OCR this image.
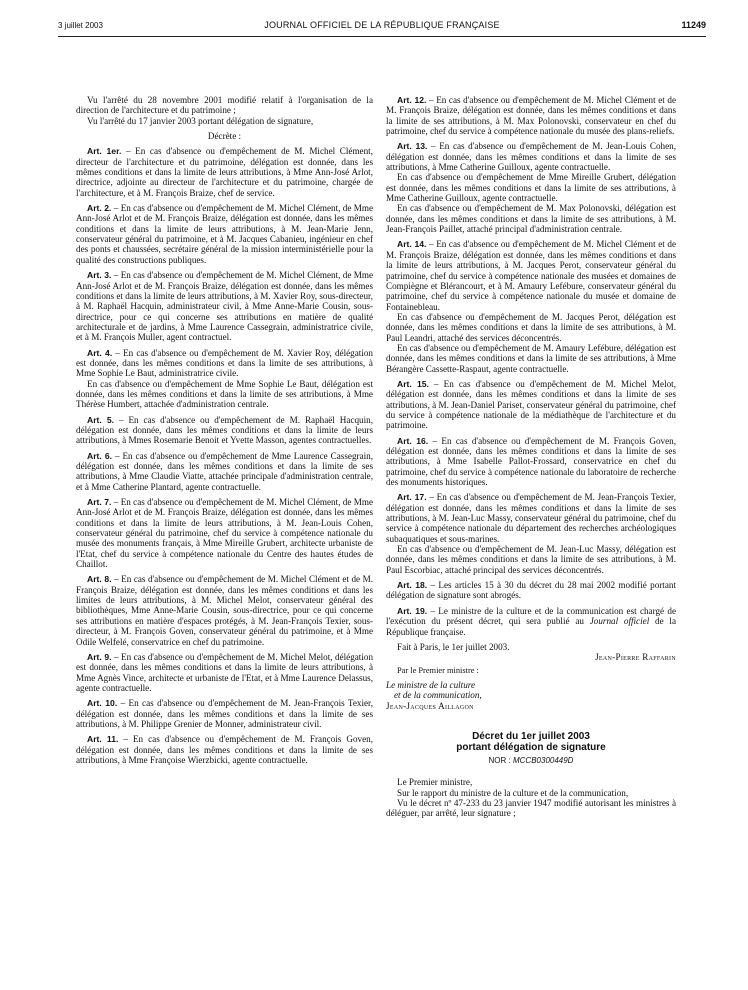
3 juillet 2003	JOURNAL OFFICIEL DE LA RÉPUBLIQUE FRANÇAISE	11249

Vu l'arrêté du 28 novembre 2001 modifié relatif à l'organisation de la direction de l'architecture et du patrimoine ;

Vu l'arrêté du 17 janvier 2003 portant délégation de signature,

Décrète :

Art. 1er. – En cas d'absence ou d'empêchement de M. Michel Clément, directeur de l'architecture et du patrimoine, délégation est donnée, dans les mêmes conditions et dans la limite de leurs attributions, à Mme Ann-José Arlot, directrice, adjointe au directeur de l'architecture et du patrimoine, chargée de l'architecture, et à M. François Braize, chef de service.

Art. 2. – En cas d'absence ou d'empêchement de M. Michel Clément, de Mme Ann-José Arlot et de M. François Braize, délégation est donnée, dans les mêmes conditions et dans la limite de leurs attributions, à M. Jean-Marie Jenn, conservateur général du patrimoine, et à M. Jacques Cabanieu, ingénieur en chef des ponts et chaussées, secrétaire général de la mission interministérielle pour la qualité des constructions publiques.

Art. 3. – En cas d'absence ou d'empêchement de M. Michel Clément, de Mme Ann-José Arlot et de M. François Braize, délégation est donnée, dans les mêmes conditions et dans la limite de leurs attributions, à M. Xavier Roy, sous-directeur, à M. Raphaël Hacquin, administrateur civil, à Mme Anne-Marie Cousin, sous-directrice, pour ce qui concerne ses attributions en matière de qualité architecturale et de jardins, à Mme Laurence Cassegrain, administratrice civile, et à M. François Muller, agent contractuel.

Art. 4. – En cas d'absence ou d'empêchement de M. Xavier Roy, délégation est donnée, dans les mêmes conditions et dans la limite de ses attributions, à Mme Sophie Le Baut, administratrice civile.

En cas d'absence ou d'empêchement de Mme Sophie Le Baut, délégation est donnée, dans les mêmes conditions et dans la limite de ses attributions, à Mme Thérèse Humbert, attachée d'administration centrale.

Art. 5. – En cas d'absence ou d'empêchement de M. Raphaël Hacquin, délégation est donnée, dans les mêmes conditions et dans la limite de leurs attributions, à Mmes Rosemarie Benoit et Yvette Masson, agentes contractuelles.

Art. 6. – En cas d'absence ou d'empêchement de Mme Laurence Cassegrain, délégation est donnée, dans les mêmes conditions et dans la limite de ses attributions, à Mme Claudie Viatte, attachée principale d'administration centrale, et à Mme Catherine Plantard, agente contractuelle.

Art. 7. – En cas d'absence ou d'empêchement de M. Michel Clément, de Mme Ann-José Arlot et de M. François Braize, délégation est donnée, dans les mêmes conditions et dans la limite de leurs attributions, à M. Jean-Louis Cohen, conservateur général du patrimoine, chef du service à compétence nationale du musée des monuments français, à Mme Mireille Grubert, architecte urbaniste de l'Etat, chef du service à compétence nationale du Centre des hautes études de Chaillot.

Art. 8. – En cas d'absence ou d'empêchement de M. Michel Clément et de M. François Braize, délégation est donnée, dans les mêmes conditions et dans les limites de leurs attributions, à M. Michel Melot, conservateur général des bibliothèques, Mme Anne-Marie Cousin, sous-directrice, pour ce qui concerne ses attributions en matière d'espaces protégés, à M. Jean-François Texier, sous-directeur, à M. François Goven, conservateur général du patrimoine, et à Mme Odile Welfelé, conservatrice en chef du patrimoine.

Art. 9. – En cas d'absence ou d'empêchement de M. Michel Melot, délégation est donnée, dans les mêmes conditions et dans la limite de leurs attributions, à Mme Agnès Vince, architecte et urbaniste de l'Etat, et à Mme Laurence Delassus, agente contractuelle.

Art. 10. – En cas d'absence ou d'empêchement de M. Jean-François Texier, délégation est donnée, dans les mêmes conditions et dans la limite de ses attributions, à M. Philippe Grenier de Monner, administrateur civil.

Art. 11. – En cas d'absence ou d'empêchement de M. François Goven, délégation est donnée, dans les mêmes conditions et dans la limite de ses attributions, à Mme Françoise Wierzbicki, agente contractuelle.

Art. 12. – En cas d'absence ou d'empêchement de M. Michel Clément et de M. François Braize, délégation est donnée, dans les mêmes conditions et dans la limite de ses attributions, à M. Max Polonovski, conservateur en chef du patrimoine, chef du service à compétence nationale du musée des plans-reliefs.

Art. 13. – En cas d'absence ou d'empêchement de M. Jean-Louis Cohen, délégation est donnée, dans les mêmes conditions et dans la limite de ses attributions, à Mme Catherine Guilloux, agente contractuelle.

En cas d'absence ou d'empêchement de Mme Mireille Grubert, délégation est donnée, dans les mêmes conditions et dans la limite de ses attributions, à Mme Catherine Guilloux, agente contractuelle.

En cas d'absence ou d'empêchement de M. Max Polonovski, délégation est donnée, dans les mêmes conditions et dans la limite de ses attributions, à M. Jean-François Paillet, attaché principal d'administration centrale.

Art. 14. – En cas d'absence ou d'empêchement de M. Michel Clément et de M. François Braize, délégation est donnée, dans les mêmes conditions et dans la limite de leurs attributions, à M. Jacques Perot, conservateur général du patrimoine, chef du service à compétence nationale des musées et domaines de Compiègne et Blérancourt, et à M. Amaury Lefébure, conservateur général du patrimoine, chef du service à compétence nationale du musée et domaine de Fontainebleau.

En cas d'absence ou d'empêchement de M. Jacques Perot, délégation est donnée, dans les mêmes conditions et dans la limite de ses attributions, à M. Paul Leandri, attaché des services déconcentrés.

En cas d'absence ou d'empêchement de M. Amaury Lefébure, délégation est donnée, dans les mêmes conditions et dans la limite de ses attributions, à Mme Bérangère Cassette-Raspaut, agente contractuelle.

Art. 15. – En cas d'absence ou d'empêchement de M. Michel Melot, délégation est donnée, dans les mêmes conditions et dans la limite de ses attributions, à M. Jean-Daniel Pariset, conservateur général du patrimoine, chef du service à compétence nationale de la médiathèque de l'architecture et du patrimoine.

Art. 16. – En cas d'absence ou d'empêchement de M. François Goven, délégation est donnée, dans les mêmes conditions et dans la limite de ses attributions, à Mme Isabelle Pallot-Frossard, conservatrice en chef du patrimoine, chef du service à compétence nationale du laboratoire de recherche des monuments historiques.

Art. 17. – En cas d'absence ou d'empêchement de M. Jean-François Texier, délégation est donnée, dans les mêmes conditions et dans la limite de ses attributions, à M. Jean-Luc Massy, conservateur général du patrimoine, chef du service à compétence nationale du département des recherches archéologiques subaquatiques et sous-marines.

En cas d'absence ou d'empêchement de M. Jean-Luc Massy, délégation est donnée, dans les mêmes conditions et dans la limite de ses attributions, à M. Paul Escorbiac, attaché principal des services déconcentrés.

Art. 18. – Les articles 15 à 30 du décret du 28 mai 2002 modifié portant délégation de signature sont abrogés.

Art. 19. – Le ministre de la culture et de la communication est chargé de l'exécution du présent décret, qui sera publié au Journal officiel de la République française.

Fait à Paris, le 1er juillet 2003.

Jean-Pierre Raffarin

Par le Premier ministre :

Le ministre de la culture

et de la communication,

Jean-Jacques Aillagon

Décret du 1er juillet 2003
portant délégation de signature
NOR : MCCB0300449D

Le Premier ministre,

Sur le rapport du ministre de la culture et de la communication,

Vu le décret nº 47-233 du 23 janvier 1947 modifié autorisant les ministres à déléguer, par arrêté, leur signature ;
